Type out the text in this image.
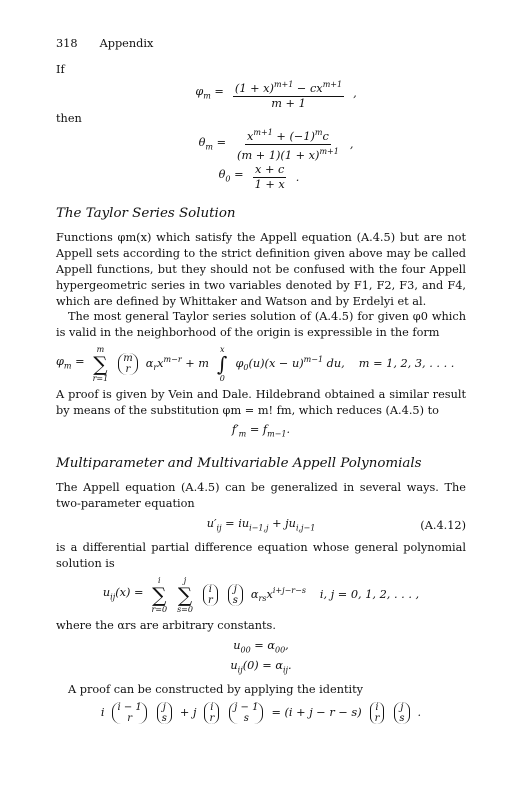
318 Appendix
If
$\varphi_m = \frac{(1 + x)^{m+1} - cx^{m+1}}{m + 1}$ ,
then
$\theta_m = \frac{x^{m+1} + (-1)^mc}{(m + 1)(1 + x)^{m+1}}$ ,
$\theta_0 = \frac{x + c}{1 + x}$ .
The Taylor Series Solution

Functions φm(x) which satisfy the Appell equation (A.4.5) but are not Appell sets according to the strict definition given above may be called Appell functions, but they should not be confused with the four Appell hypergeometric series in two variables denoted by F1, F2, F3, and F4, which are defined by Whittaker and Watson and by Erdelyi et al.

The most general Taylor series solution of (A.4.5) for given φ0 which is valid in the neighborhood of the origin is expressible in the form

$\varphi_m$ =
m
∑
r=1
m
r $\alpha_rx^{m-r} + m$
x
∫
0
$\varphi_0(u)(x - u)^{m-1}$ du, m = 1, 2, 3, . . . .

A proof is given by Vein and Dale. Hildebrand obtained a similar result by means of the substitution φm = m! fm, which reduces (A.4.5) to

$f'_m = f_{m-1}$.
Multiparameter and Multivariable Appell Polynomials

The Appell equation (A.4.5) can be generalized in several ways. The two-parameter equation

$u'_{ij} = iu_{i-1,j} + ju_{i,j-1}$	(A.4.12)

is a differential partial difference equation whose general polynomial solution is

$u_{ij}(x)$ =
i
∑
r=0
j
∑
s=0
i
r
j
s $\alpha_{rs}x^{i+j-r-s}$ i, j = 0, 1, 2, . . . ,

where the αrs are arbitrary constants.

$u_{00} = \alpha_{00}$,
$u_{ij}(0) = \alpha_{ij}$.

A proof can be constructed by applying the identity

i i − 1
r
j
s + j i
r
j − 1
s = (i + j − r − s) i
r
j
s .
